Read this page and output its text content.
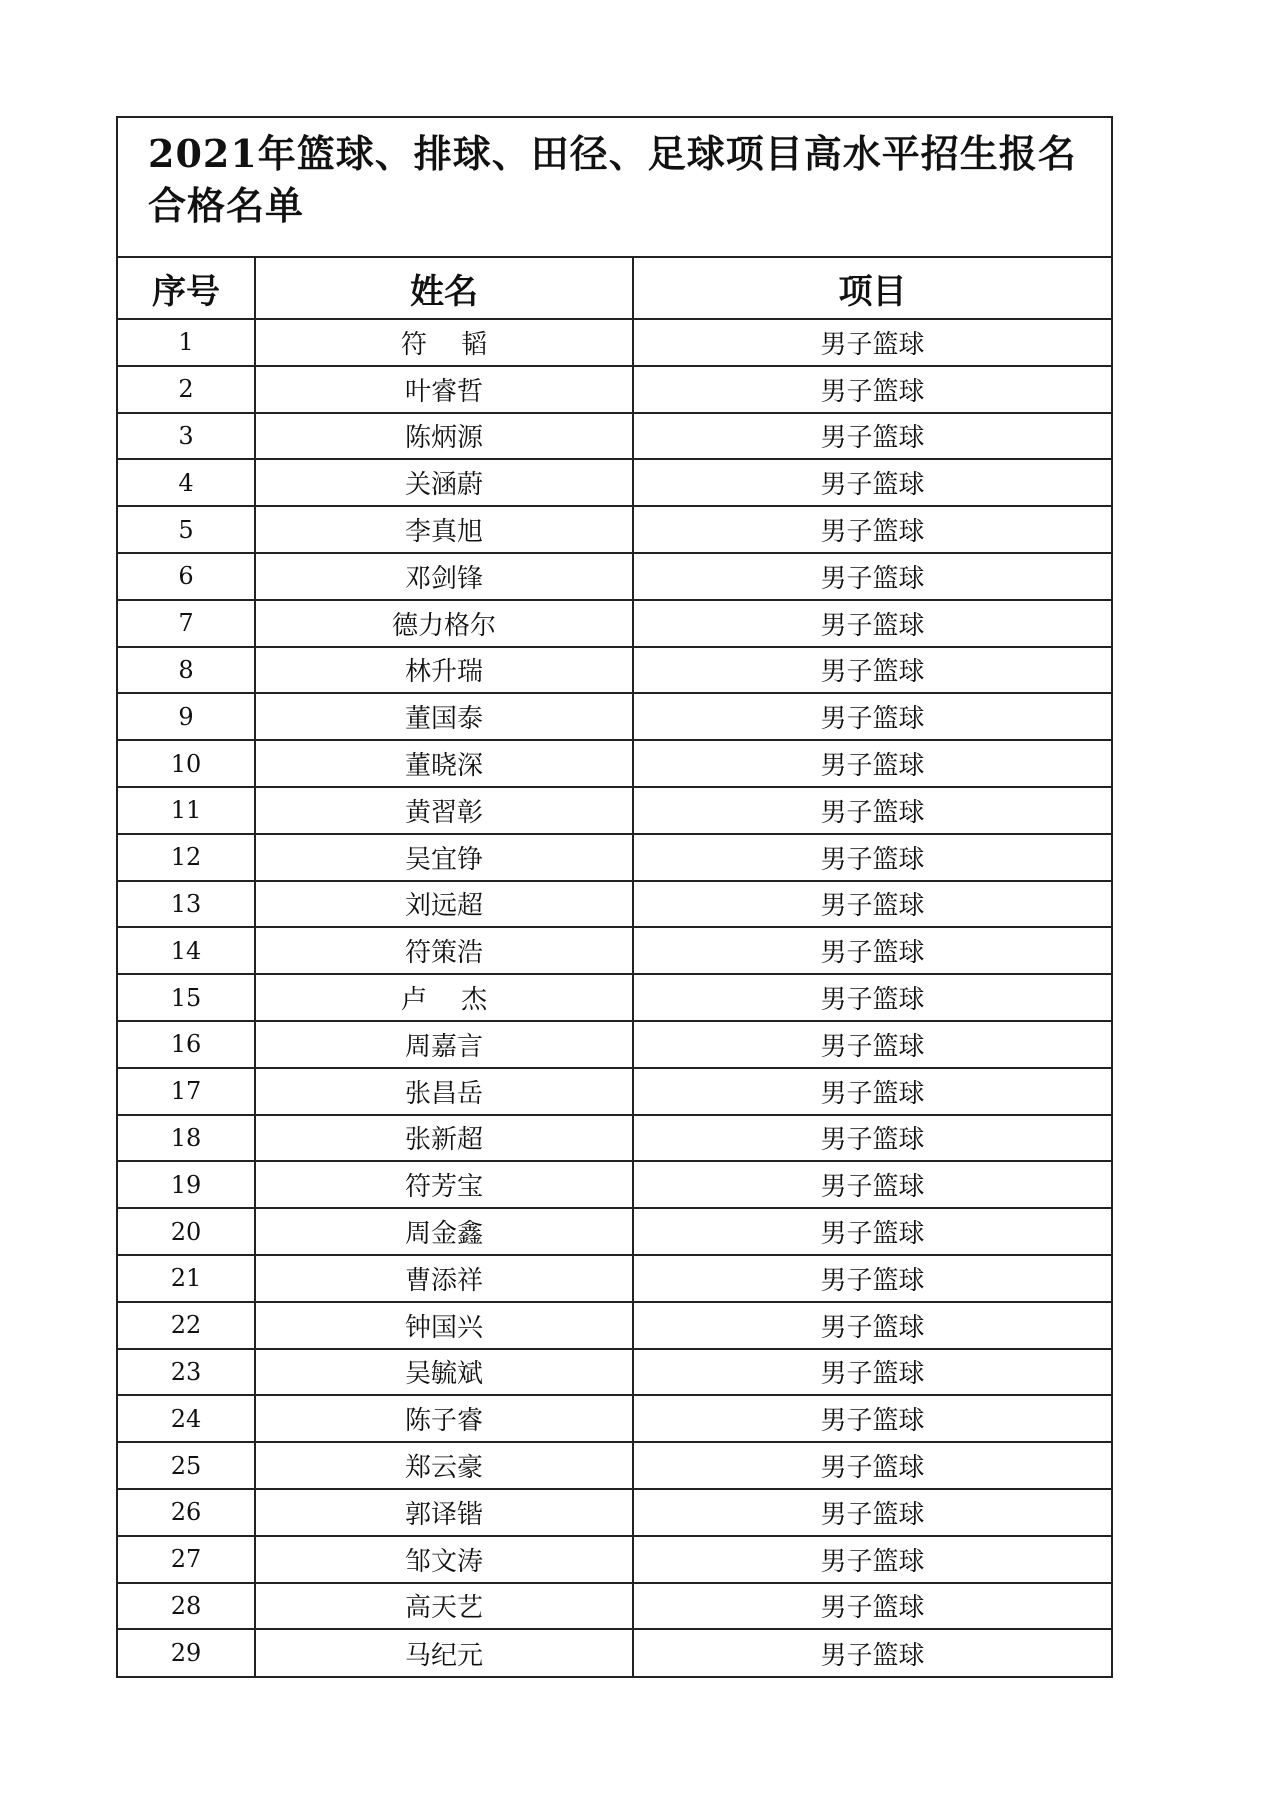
2021年篮球、排球、田径、足球项目高水平招生报名合格名单
序号	姓名	项目
1	符　 韬	男子篮球
2	叶睿哲	男子篮球
3	陈炳源	男子篮球
4	关涵蔚	男子篮球
5	李真旭	男子篮球
6	邓剑锋	男子篮球
7	德力格尔	男子篮球
8	林升瑞	男子篮球
9	董国泰	男子篮球
10	董晓深	男子篮球
11	黄習彰	男子篮球
12	吴宜铮	男子篮球
13	刘远超	男子篮球
14	符策浩	男子篮球
15	卢　 杰	男子篮球
16	周嘉言	男子篮球
17	张昌岳	男子篮球
18	张新超	男子篮球
19	符芳宝	男子篮球
20	周金鑫	男子篮球
21	曹添祥	男子篮球
22	钟国兴	男子篮球
23	吴毓斌	男子篮球
24	陈子睿	男子篮球
25	郑云豪	男子篮球
26	郭译锴	男子篮球
27	邹文涛	男子篮球
28	高天艺	男子篮球
29	马纪元	男子篮球
